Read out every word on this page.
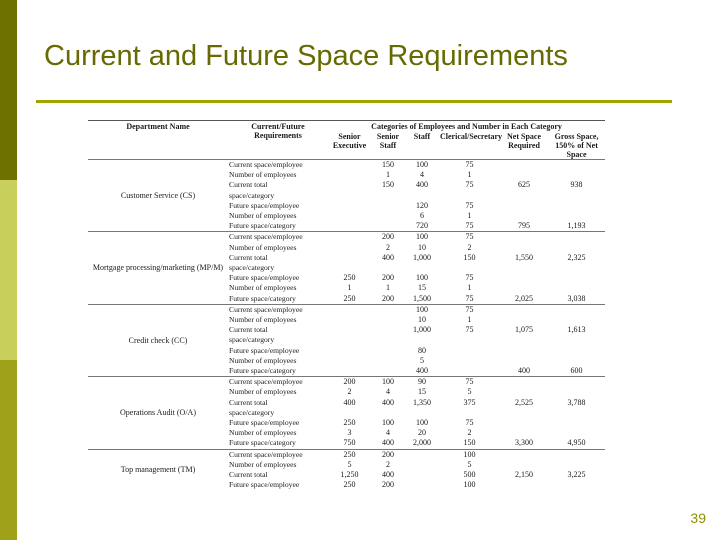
Current and Future Space Requirements
Department Name	Current/Future Requirements	Categories of Employees and Number in Each Category					
		Senior Executive	Senior Staff	Staff	Clerical/Secretary	Net Space Required	Gross Space, 150% of Net Space
Customer Service (CS)	Current space/employee		150	100	75		
	Number of employees		1	4	1		
	Current total		150	400	75	625	938
	space/category						
	Future space/employee			120	75		
	Number of employees			6	1		
	Future space/category			720	75	795	1,193
Mortgage processing/marketing (MP/M)	Current space/employee		200	100	75		
	Number of employees		2	10	2		
	Current total		400	1,000	150	1,550	2,325
	space/category						
	Future space/employee	250	200	100	75		
	Number of employees	1	1	15	1		
	Future space/category	250	200	1,500	75	2,025	3,038
Credit check (CC)	Current space/employee			100	75		
	Number of employees			10	1		
	Current total			1,000	75	1,075	1,613
	space/category						
	Future space/employee			80			
	Number of employees			5			
	Future space/category			400		400	600
Operations Audit (O/A)	Current space/employee	200	100	90	75		
	Number of employees	2	4	15	5		
	Current total	400	400	1,350	375	2,525	3,788
	space/category						
	Future space/employee	250	100	100	75		
	Number of employees	3	4	20	2		
	Future space/category	750	400	2,000	150	3,300	4,950
Top management (TM)	Current space/employee	250	200		100		
	Number of employees	5	2		5		
	Current total	1,250	400		500	2,150	3,225
	Future space/employee	250	200		100		
39
